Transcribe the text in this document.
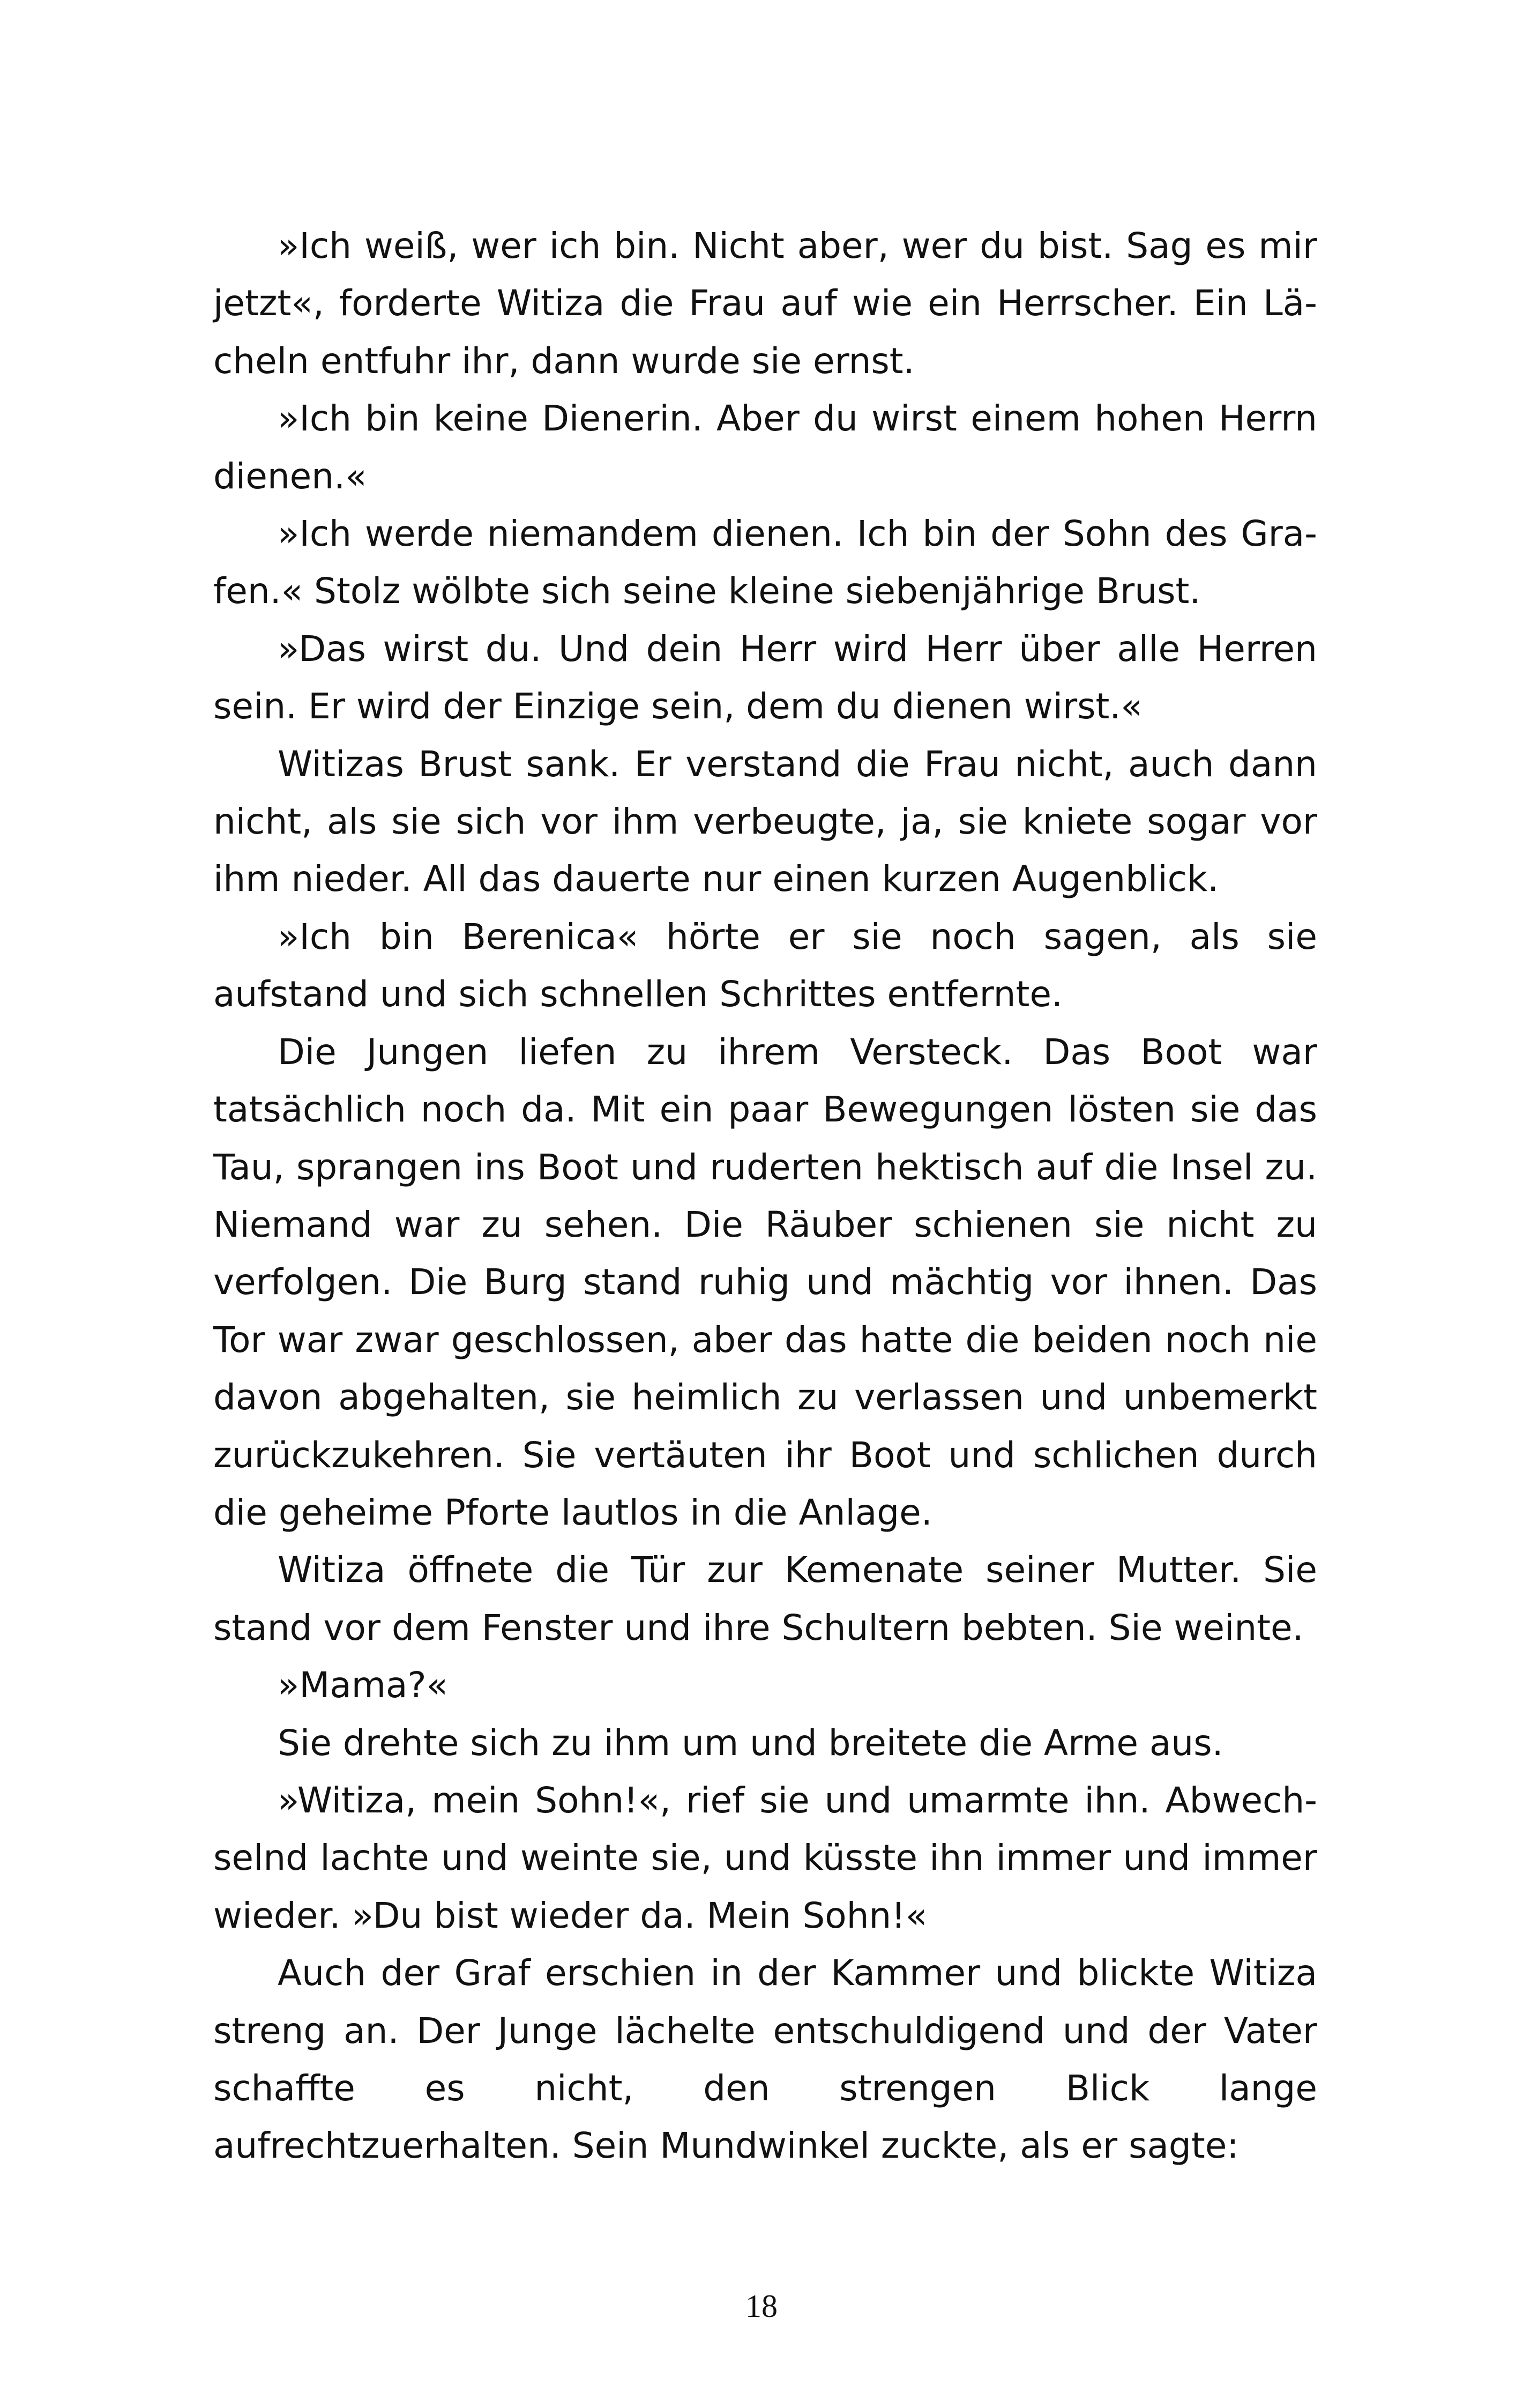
»Ich weiß, wer ich bin. Nicht aber, wer du bist. Sag es mir jetzt«, forderte Witiza die Frau auf wie ein Herrscher. Ein Lächeln entfuhr ihr, dann wurde sie ernst.

»Ich bin keine Dienerin. Aber du wirst einem hohen Herrn dienen.«

»Ich werde niemandem dienen. Ich bin der Sohn des Grafen.« Stolz wölbte sich seine kleine siebenjährige Brust.

»Das wirst du. Und dein Herr wird Herr über alle Herren sein. Er wird der Einzige sein, dem du dienen wirst.«

Witizas Brust sank. Er verstand die Frau nicht, auch dann nicht, als sie sich vor ihm verbeugte, ja, sie kniete sogar vor ihm nieder. All das dauerte nur einen kurzen Augenblick.

»Ich bin Berenica« hörte er sie noch sagen, als sie aufstand und sich schnellen Schrittes entfernte.

Die Jungen liefen zu ihrem Versteck. Das Boot war tatsächlich noch da. Mit ein paar Bewegungen lösten sie das Tau, sprangen ins Boot und ruderten hektisch auf die Insel zu. Niemand war zu sehen. Die Räuber schienen sie nicht zu verfolgen. Die Burg stand ruhig und mächtig vor ihnen. Das Tor war zwar geschlossen, aber das hatte die beiden noch nie davon abgehalten, sie heimlich zu verlassen und unbemerkt zurückzukehren. Sie vertäuten ihr Boot und schlichen durch die geheime Pforte lautlos in die Anlage.

Witiza öffnete die Tür zur Kemenate seiner Mutter. Sie stand vor dem Fenster und ihre Schultern bebten. Sie weinte.

»Mama?«

Sie drehte sich zu ihm um und breitete die Arme aus.

»Witiza, mein Sohn!«, rief sie und umarmte ihn. Abwechselnd lachte und weinte sie, und küsste ihn immer und immer wieder. »Du bist wieder da. Mein Sohn!«

Auch der Graf erschien in der Kammer und blickte Witiza streng an. Der Junge lächelte entschuldigend und der Vater schaffte es nicht, den strengen Blick lange aufrechtzuerhalten. Sein Mundwinkel zuckte, als er sagte:

18
